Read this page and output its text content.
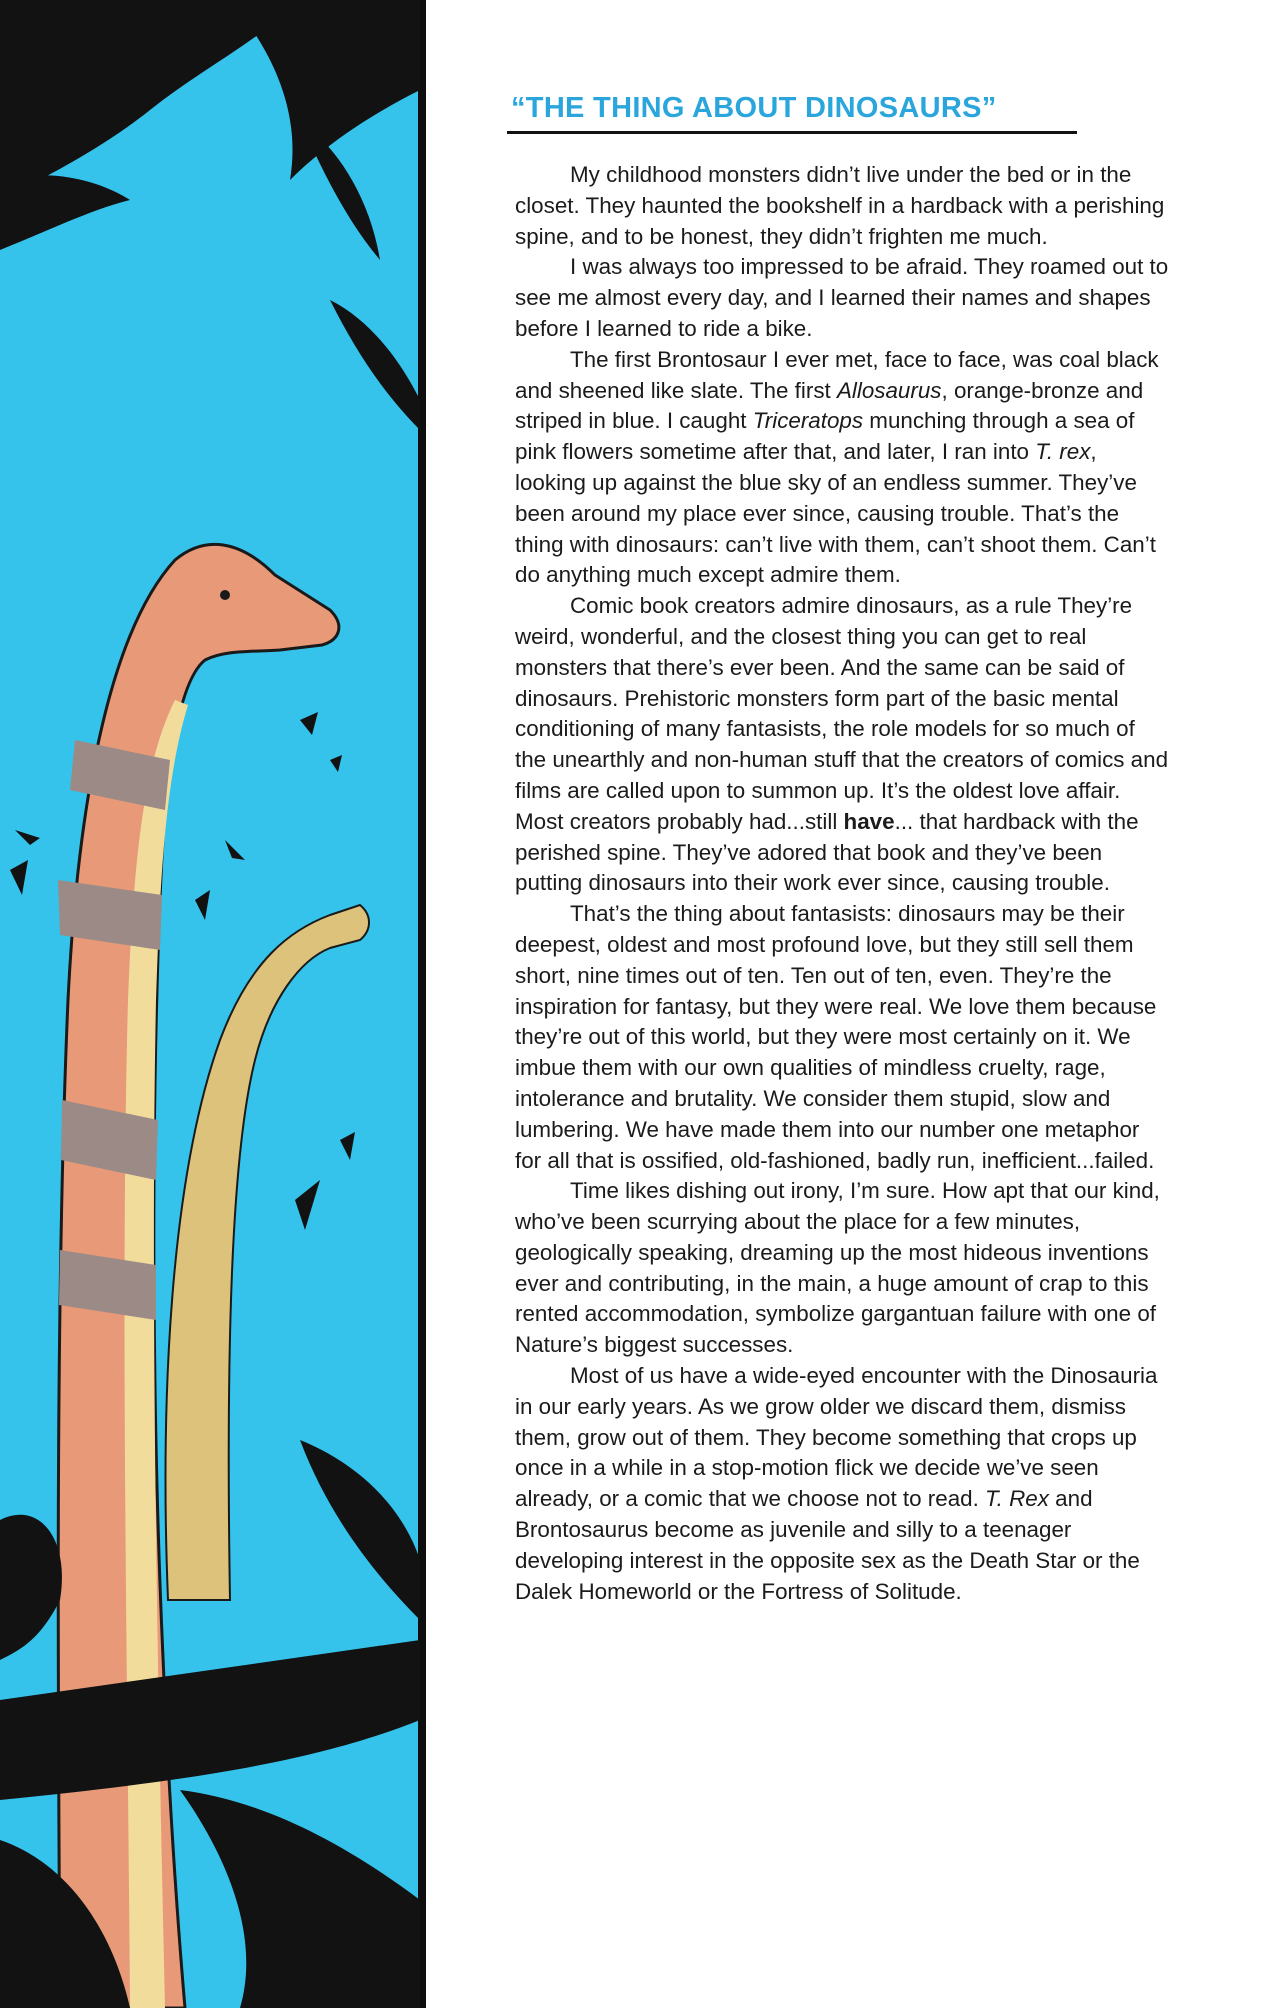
“THE THING ABOUT DINOSAURS”

My childhood monsters didn’t live under the bed or in the closet. They haunted the bookshelf in a hardback with a perishing spine, and to be honest, they didn’t frighten me much.

I was always too impressed to be afraid. They roamed out to see me almost every day, and I learned their names and shapes before I learned to ride a bike.

The first Brontosaur I ever met, face to face, was coal black and sheened like slate. The first Allosaurus, orange-bronze and striped in blue. I caught Triceratops munching through a sea of pink flowers sometime after that, and later, I ran into T. rex, looking up against the blue sky of an endless summer. They’ve been around my place ever since, causing trouble. That’s the thing with dinosaurs: can’t live with them, can’t shoot them. Can’t do anything much except admire them.

Comic book creators admire dinosaurs, as a rule They’re weird, wonderful, and the closest thing you can get to real monsters that there’s ever been. And the same can be said of dinosaurs. Prehistoric monsters form part of the basic mental conditioning of many fantasists, the role models for so much of the unearthly and non-human stuff that the creators of comics and films are called upon to summon up. It’s the oldest love affair. Most creators probably had...still have... that hardback with the perished spine. They’ve adored that book and they’ve been putting dinosaurs into their work ever since, causing trouble.

That’s the thing about fantasists: dinosaurs may be their deepest, oldest and most profound love, but they still sell them short, nine times out of ten. Ten out of ten, even. They’re the inspiration for fantasy, but they were real. We love them because they’re out of this world, but they were most certainly on it. We imbue them with our own qualities of mindless cruelty, rage, intolerance and brutality. We consider them stupid, slow and lumbering. We have made them into our number one metaphor for all that is ossified, old-fashioned, badly run, inefficient...failed.

Time likes dishing out irony, I’m sure. How apt that our kind, who’ve been scurrying about the place for a few minutes, geologically speaking, dreaming up the most hideous inventions ever and contributing, in the main, a huge amount of crap to this rented accommodation, symbolize gargantuan failure with one of Nature’s biggest successes.

Most of us have a wide-eyed encounter with the Dinosauria in our early years. As we grow older we discard them, dismiss them, grow out of them. They become something that crops up once in a while in a stop-motion flick we decide we’ve seen already, or a comic that we choose not to read. T. Rex and Brontosaurus become as juvenile and silly to a teenager developing interest in the opposite sex as the Death Star or the Dalek Homeworld or the Fortress of Solitude.
